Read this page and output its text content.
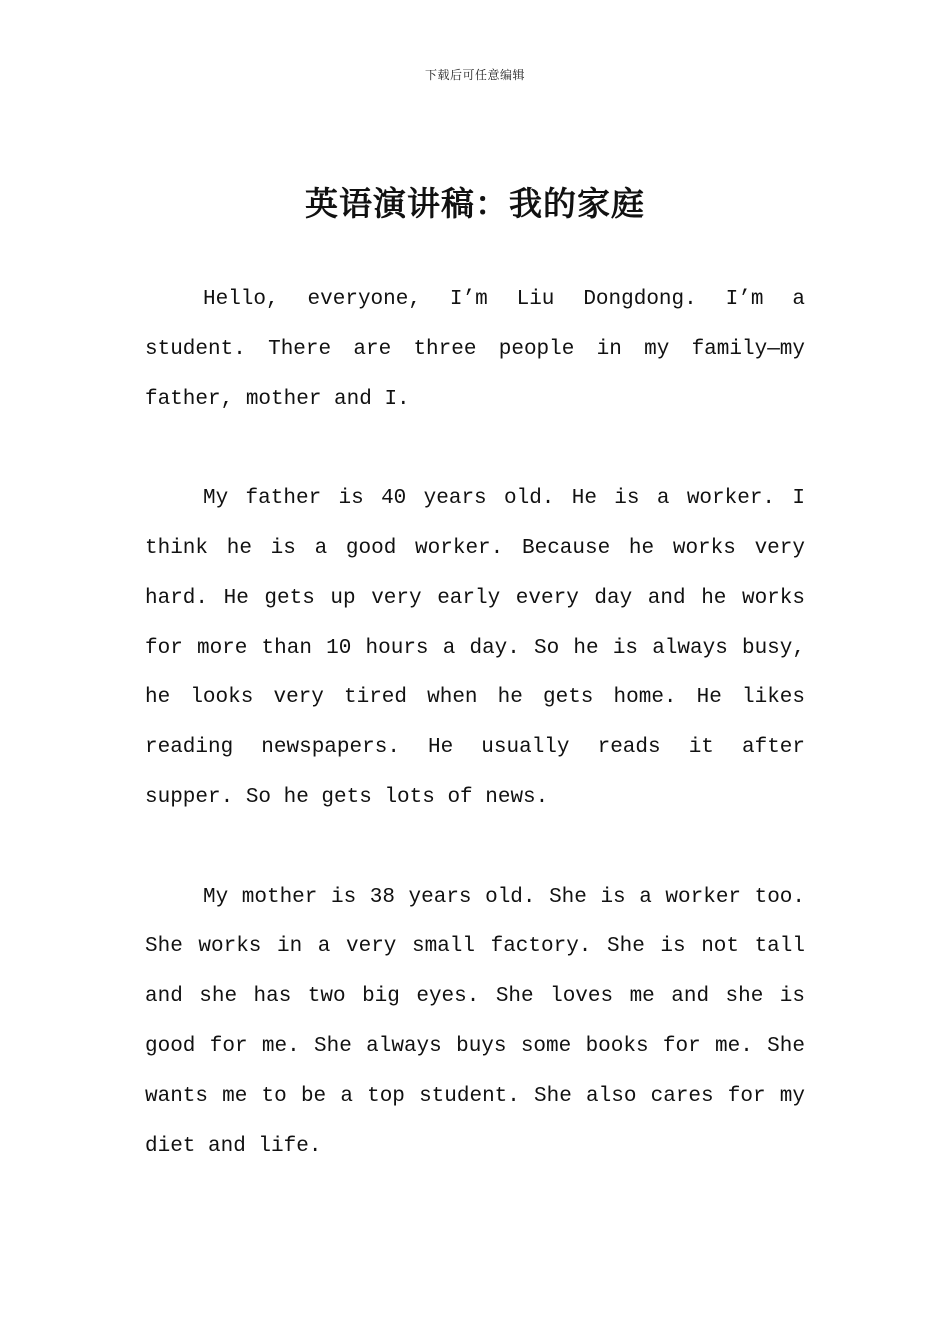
下载后可任意编辑
英语演讲稿：我的家庭

Hello, everyone, I’m Liu Dongdong. I’m a student. There are three people in my family—my father, mother and I.

My father is 40 years old. He is a worker. I think he is a good worker. Because he works very hard. He gets up very early every day and he works for more than 10 hours a day. So he is always busy, he looks very tired when he gets home. He likes reading newspapers. He usually reads it after supper. So he gets lots of news.

My mother is 38 years old. She is a worker too. She works in a very small factory. She is not tall and she has two big eyes. She loves me and she is good for me. She always buys some books for me. She wants me to be a top student. She also cares for my diet and life.
